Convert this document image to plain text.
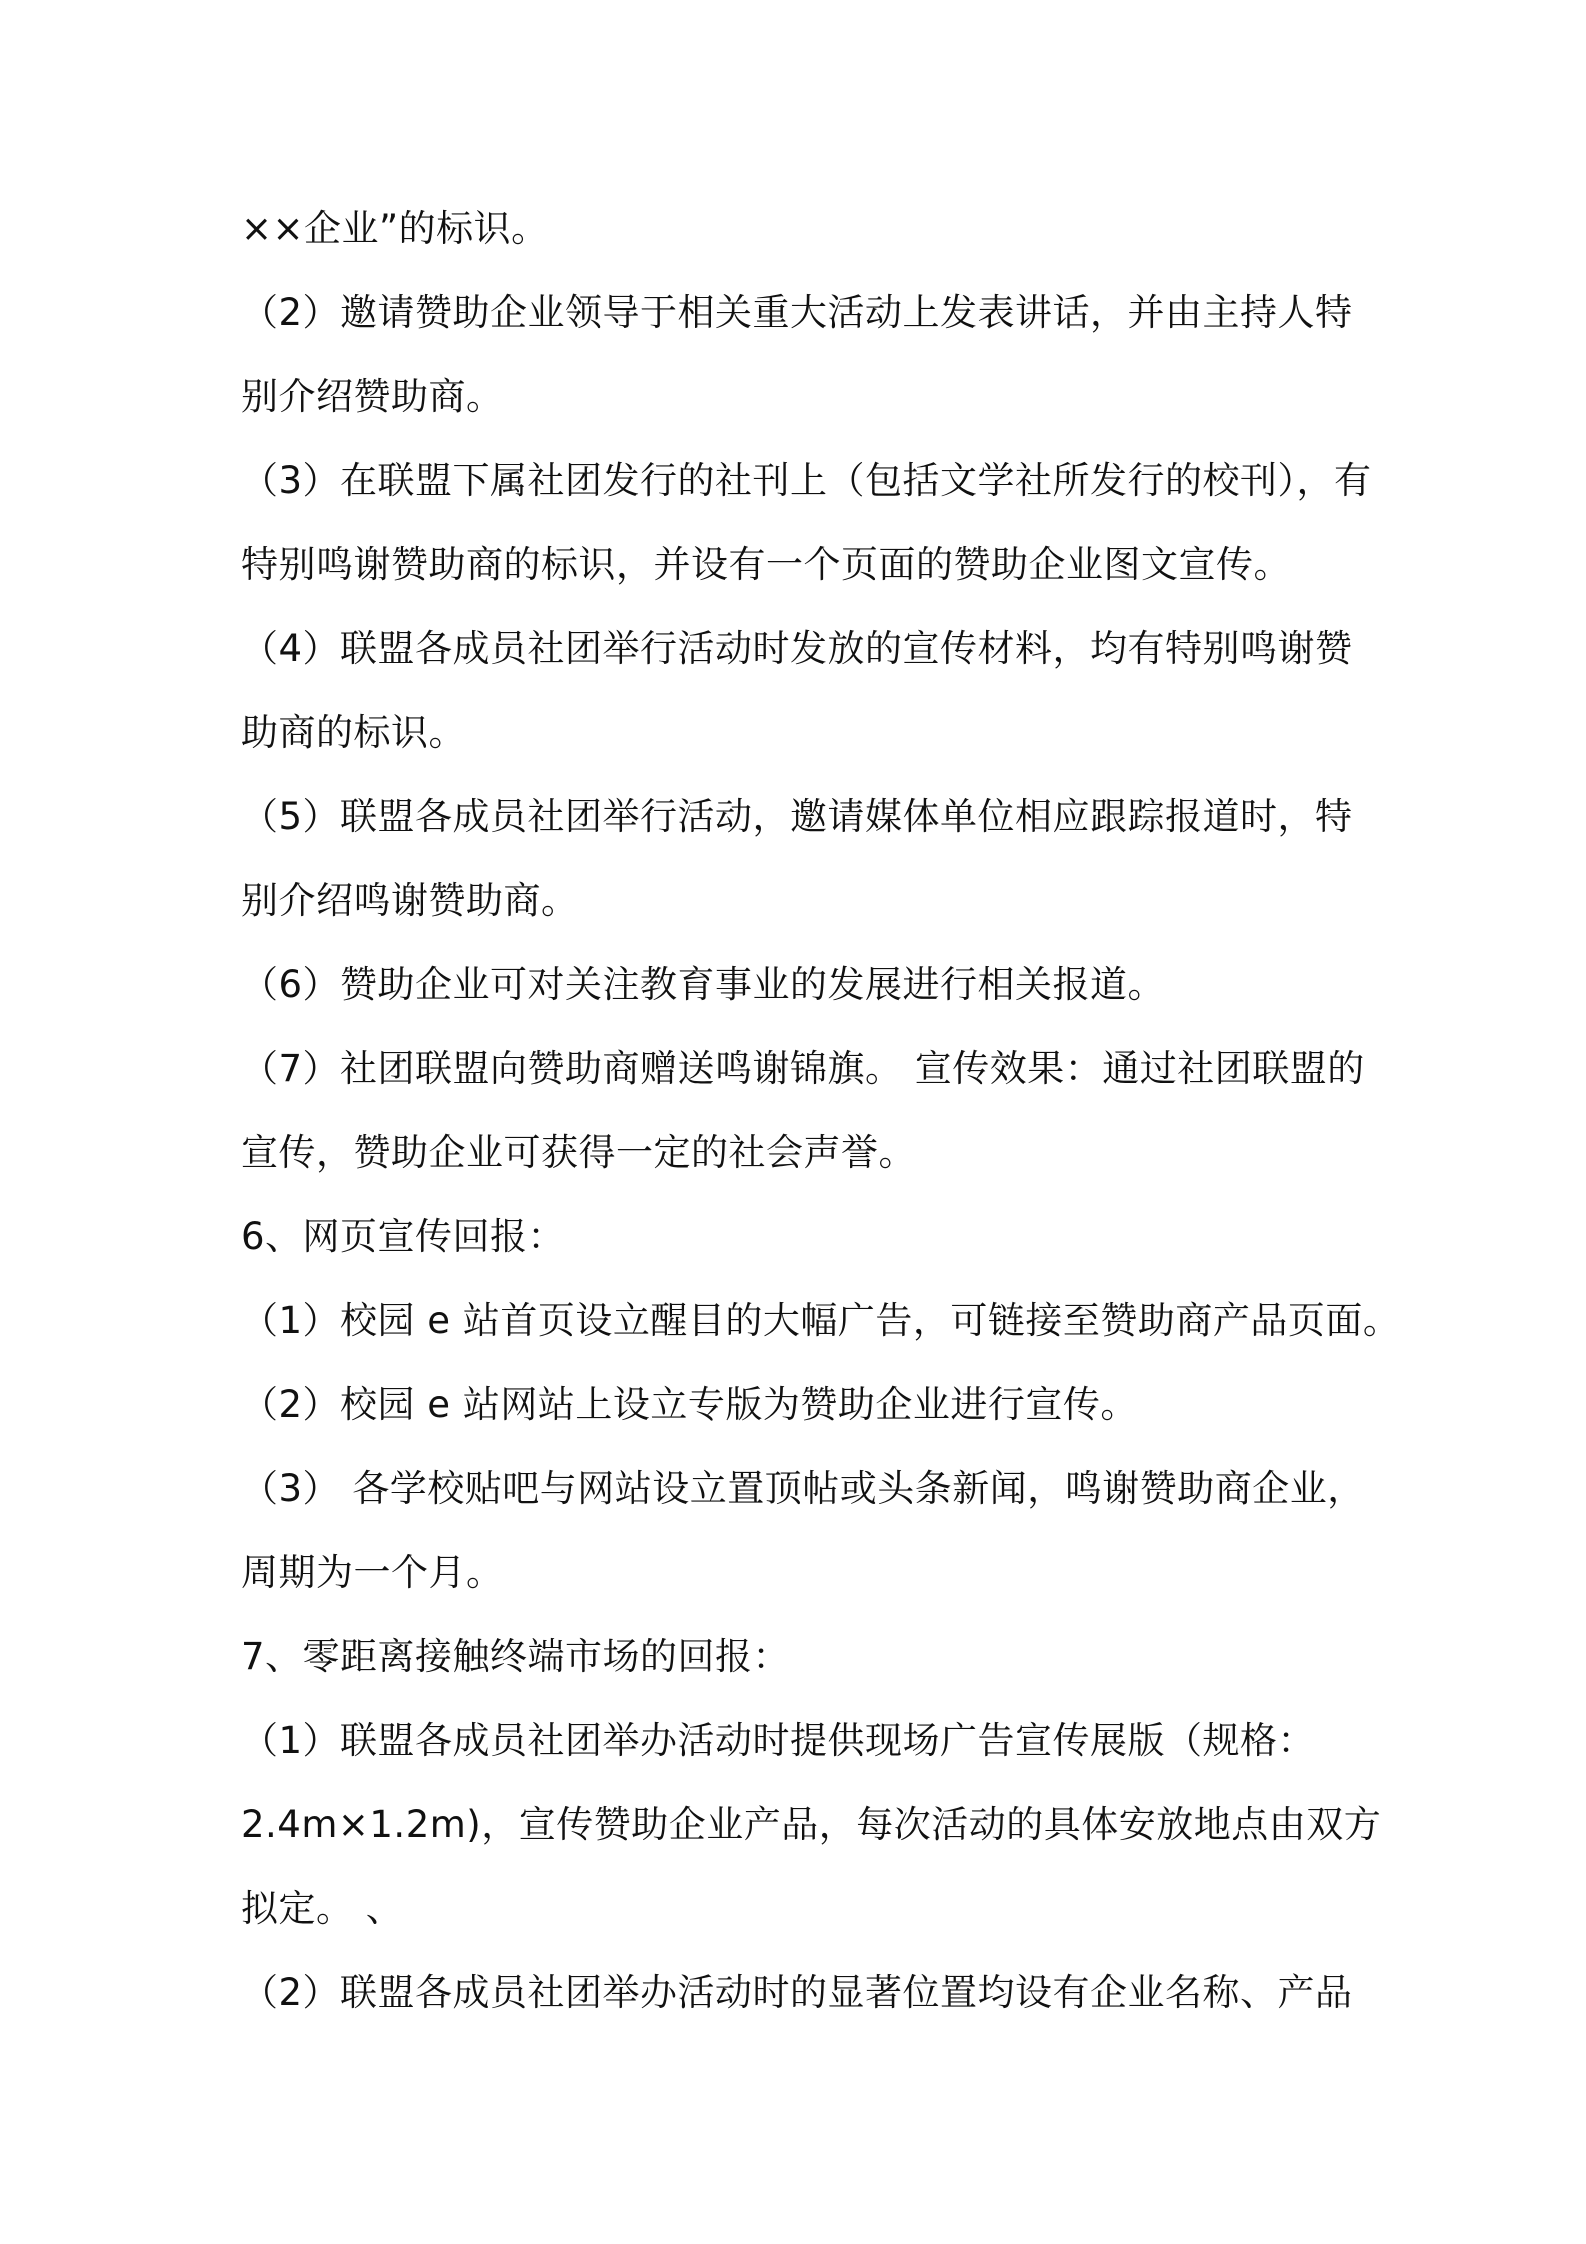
××企业”的标识。
（2）邀请赞助企业领导于相关重大活动上发表讲话，并由主持人特
别介绍赞助商。
（3）在联盟下属社团发行的社刊上（包括文学社所发行的校刊），有
特别鸣谢赞助商的标识，并设有一个页面的赞助企业图文宣传。
（4）联盟各成员社团举行活动时发放的宣传材料，均有特别鸣谢赞
助商的标识。
（5）联盟各成员社团举行活动，邀请媒体单位相应跟踪报道时，特
别介绍鸣谢赞助商。
（6）赞助企业可对关注教育事业的发展进行相关报道。
（7）社团联盟向赞助商赠送鸣谢锦旗。 宣传效果：通过社团联盟的
宣传，赞助企业可获得一定的社会声誉。
6、网页宣传回报：
（1）校园 e 站首页设立醒目的大幅广告，可链接至赞助商产品页面。
（2）校园 e 站网站上设立专版为赞助企业进行宣传。
（3） 各学校贴吧与网站设立置顶帖或头条新闻，鸣谢赞助商企业，
周期为一个月。
7、零距离接触终端市场的回报：
（1）联盟各成员社团举办活动时提供现场广告宣传展版（规格：
2.4m×1.2m)，宣传赞助企业产品，每次活动的具体安放地点由双方
拟定。 、
（2）联盟各成员社团举办活动时的显著位置均设有企业名称、产品
